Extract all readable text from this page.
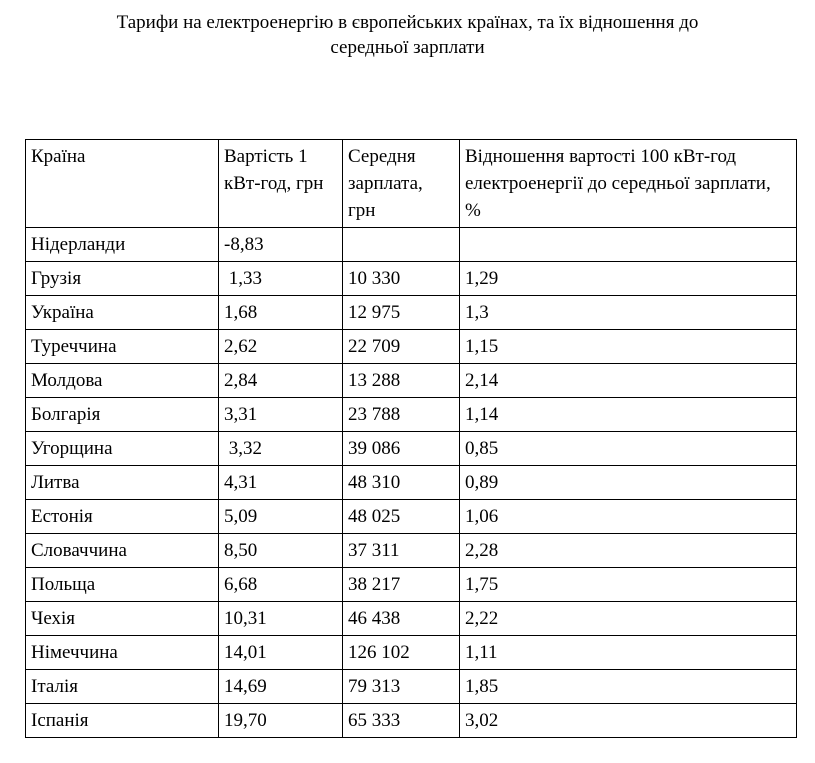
Тарифи на електроенергію в європейських країнах, та їх відношення до
середньої зарплати
Країна	Вартість 1 кВт-год, грн	Середня зарплата, грн	Відношення вартості 100 кВт-год електроенергії до середньої зарплати, %
Нідерланди	-8,83		
Грузія	1,33	10 330	1,29
Україна	1,68	12 975	1,3
Туреччина	2,62	22 709	1,15
Молдова	2,84	13 288	2,14
Болгарія	3,31	23 788	1,14
Угорщина	3,32	39 086	0,85
Литва	4,31	48 310	0,89
Естонія	5,09	48 025	1,06
Словаччина	8,50	37 311	2,28
Польща	6,68	38 217	1,75
Чехія	10,31	46 438	2,22
Німеччина	14,01	126 102	1,11
Італія	14,69	79 313	1,85
Іспанія	19,70	65 333	3,02
